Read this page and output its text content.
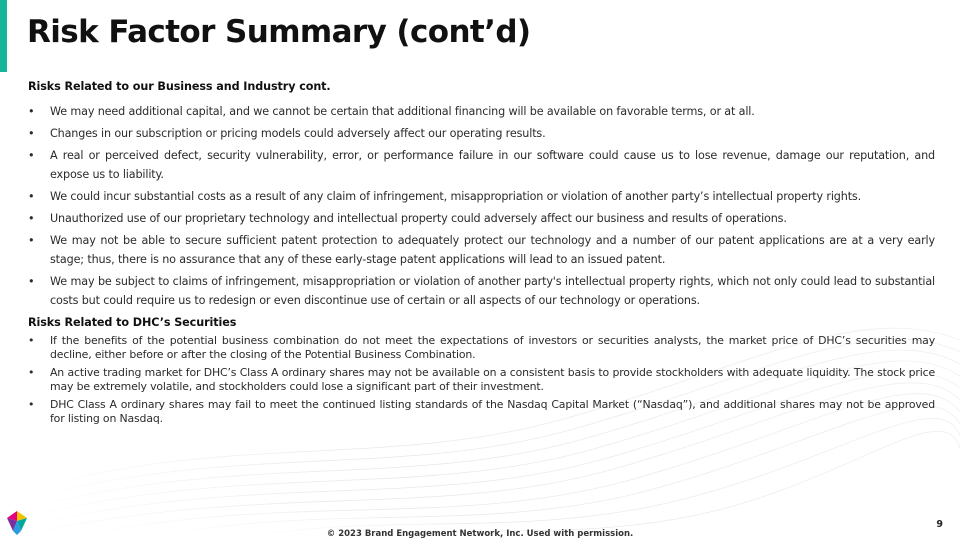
Risk Factor Summary (cont’d)

Risks Related to our Business and Industry cont.

• We may need additional capital, and we cannot be certain that additional financing will be available on favorable terms, or at all.
• Changes in our subscription or pricing models could adversely affect our operating results.
• A real or perceived defect, security vulnerability, error, or performance failure in our software could cause us to lose revenue, damage our reputation, and expose us to liability.
• We could incur substantial costs as a result of any claim of infringement, misappropriation or violation of another party’s intellectual property rights.
• Unauthorized use of our proprietary technology and intellectual property could adversely affect our business and results of operations.
• We may not be able to secure sufficient patent protection to adequately protect our technology and a number of our patent applications are at a very early stage; thus, there is no assurance that any of these early-stage patent applications will lead to an issued patent.
• We may be subject to claims of infringement, misappropriation or violation of another party's intellectual property rights, which not only could lead to substantial costs but could require us to redesign or even discontinue use of certain or all aspects of our technology or operations.

Risks Related to DHC’s Securities

• If the benefits of the potential business combination do not meet the expectations of investors or securities analysts, the market price of DHC’s securities may decline, either before or after the closing of the Potential Business Combination.
• An active trading market for DHC’s Class A ordinary shares may not be available on a consistent basis to provide stockholders with adequate liquidity. The stock price may be extremely volatile, and stockholders could lose a significant part of their investment.
• DHC Class A ordinary shares may fail to meet the continued listing standards of the Nasdaq Capital Market (“Nasdaq”), and additional shares may not be approved for listing on Nasdaq.
9
© 2023 Brand Engagement Network, Inc. Used with permission.
